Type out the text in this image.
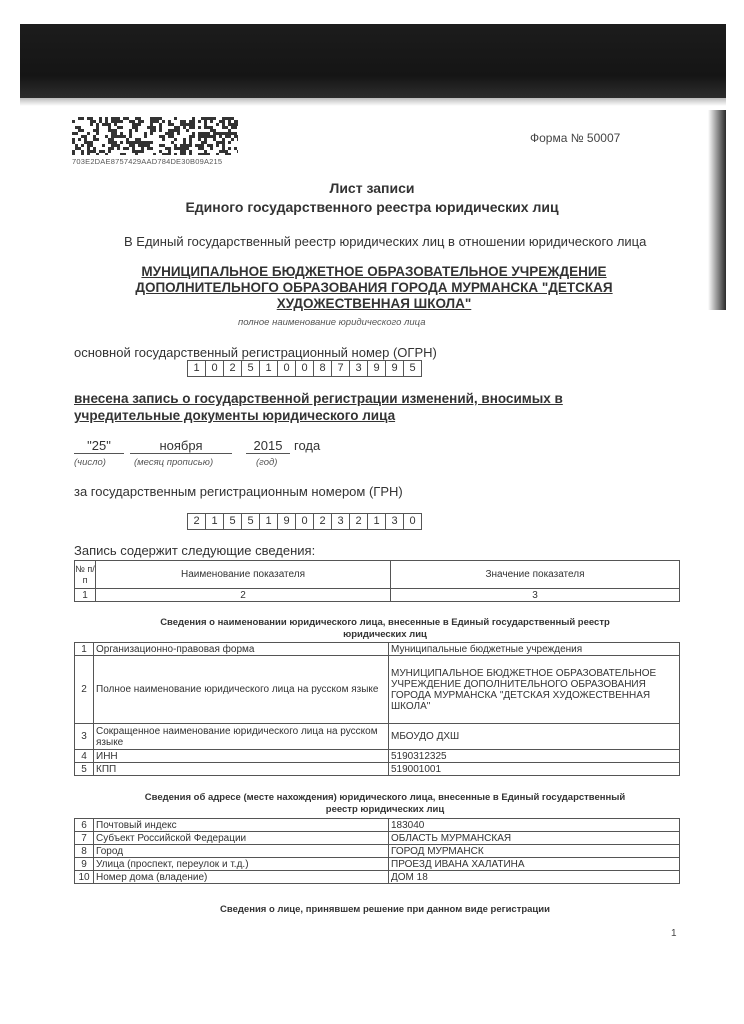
703E2DAE8757429AAD784DE30B09A215
Форма № 50007
Лист записи
Единого государственного реестра юридических лиц
В Единый государственный реестр юридических лиц в отношении юридического лица
МУНИЦИПАЛЬНОЕ БЮДЖЕТНОЕ ОБРАЗОВАТЕЛЬНОЕ УЧРЕЖДЕНИЕ
ДОПОЛНИТЕЛЬНОГО ОБРАЗОВАНИЯ ГОРОДА МУРМАНСКА "ДЕТСКАЯ
ХУДОЖЕСТВЕННАЯ ШКОЛА"
полное наименование юридического лица
основной государственный регистрационный номер (ОГРН)
1	0	2	5	1	0	0	8	7	3	9	9	5
внесена запись о государственной регистрации изменений, вносимых в
учредительные документы юридического лица
"25"	ноября	2015 года
(число)	(месяц прописью)	(год)
за государственным регистрационным номером (ГРН)
2	1	5	5	1	9	0	2	3	2	1	3	0
Запись содержит следующие сведения:
№ п/п	Наименование показателя	Значение показателя
1	2	3
Сведения о наименовании юридического лица, внесенные в Единый государственный реестр
юридических лиц
1	Организационно-правовая форма	Муниципальные бюджетные учреждения
2	Полное наименование юридического лица на русском языке	МУНИЦИПАЛЬНОЕ БЮДЖЕТНОЕ ОБРАЗОВАТЕЛЬНОЕ УЧРЕЖДЕНИЕ ДОПОЛНИТЕЛЬНОГО ОБРАЗОВАНИЯ ГОРОДА МУРМАНСКА "ДЕТСКАЯ ХУДОЖЕСТВЕННАЯ ШКОЛА"
3	Сокращенное наименование юридического лица на русском языке	МБОУДО ДХШ
4	ИНН	5190312325
5	КПП	519001001
Сведения об адресе (месте нахождения) юридического лица, внесенные в Единый государственный
реестр юридических лиц
6	Почтовый индекс	183040
7	Субъект Российской Федерации	ОБЛАСТЬ МУРМАНСКАЯ
8	Город	ГОРОД МУРМАНСК
9	Улица (проспект, переулок и т.д.)	ПРОЕЗД ИВАНА ХАЛАТИНА
10	Номер дома (владение)	ДОМ 18
Сведения о лице, принявшем решение при данном виде регистрации
1
